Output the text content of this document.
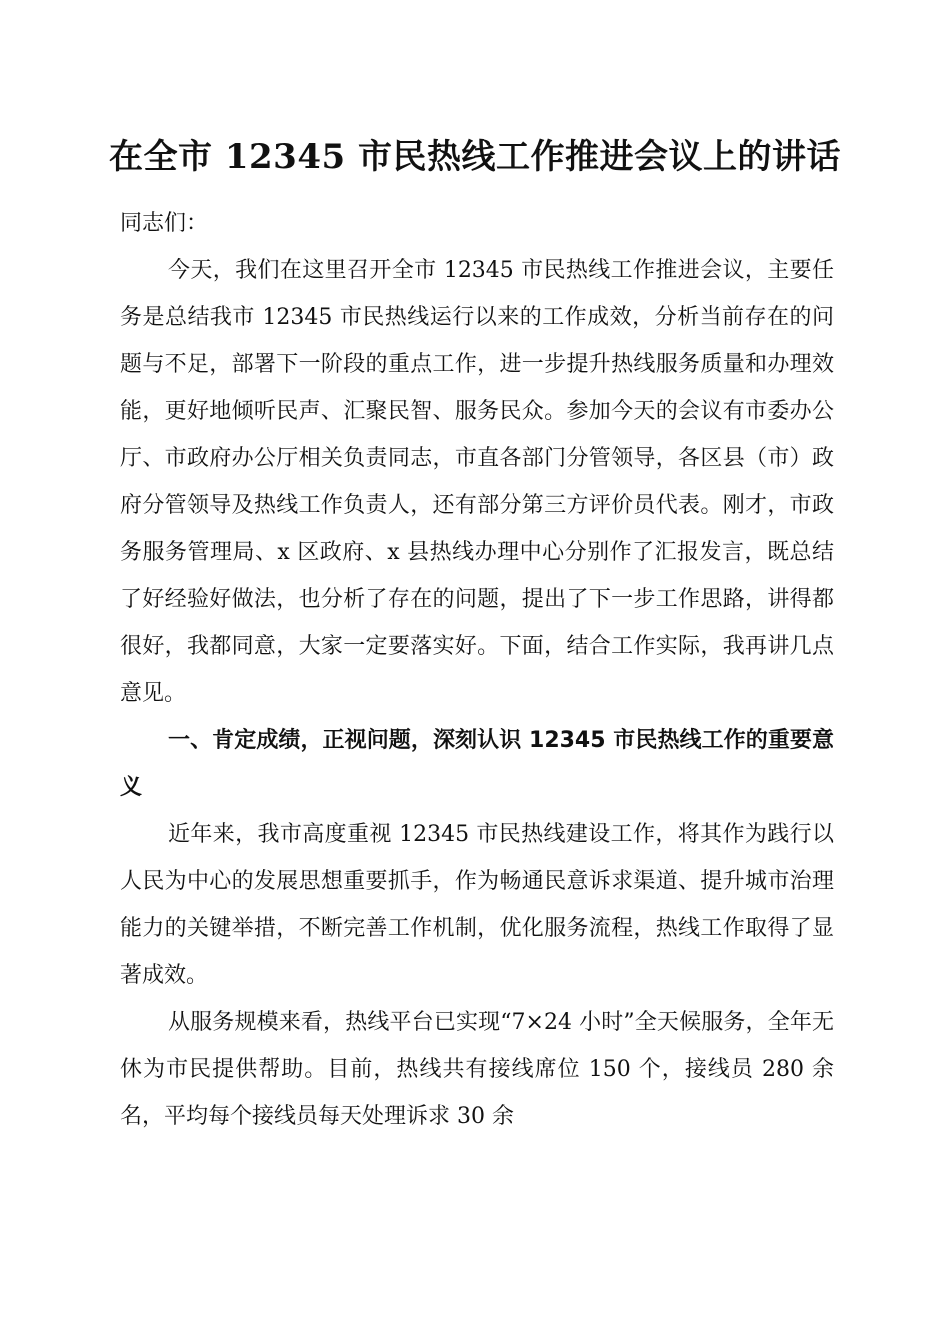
在全市 12345 市民热线工作推进会议上的讲话

同志们：

今天，我们在这里召开全市 12345 市民热线工作推进会议，主要任务是总结我市 12345 市民热线运行以来的工作成效，分析当前存在的问题与不足，部署下一阶段的重点工作，进一步提升热线服务质量和办理效能，更好地倾听民声、汇聚民智、服务民众。参加今天的会议有市委办公厅、市政府办公厅相关负责同志，市直各部门分管领导，各区县（市）政府分管领导及热线工作负责人，还有部分第三方评价员代表。刚才，市政务服务管理局、x 区政府、x 县热线办理中心分别作了汇报发言，既总结了好经验好做法，也分析了存在的问题，提出了下一步工作思路，讲得都很好，我都同意，大家一定要落实好。下面，结合工作实际，我再讲几点意见。

一、肯定成绩，正视问题，深刻认识 12345 市民热线工作的重要意义

近年来，我市高度重视 12345 市民热线建设工作，将其作为践行以人民为中心的发展思想重要抓手，作为畅通民意诉求渠道、提升城市治理能力的关键举措，不断完善工作机制，优化服务流程，热线工作取得了显著成效。

从服务规模来看，热线平台已实现“7×24 小时”全天候服务，全年无休为市民提供帮助。目前，热线共有接线席位 150 个，接线员 280 余名，平均每个接线员每天处理诉求 30 余
